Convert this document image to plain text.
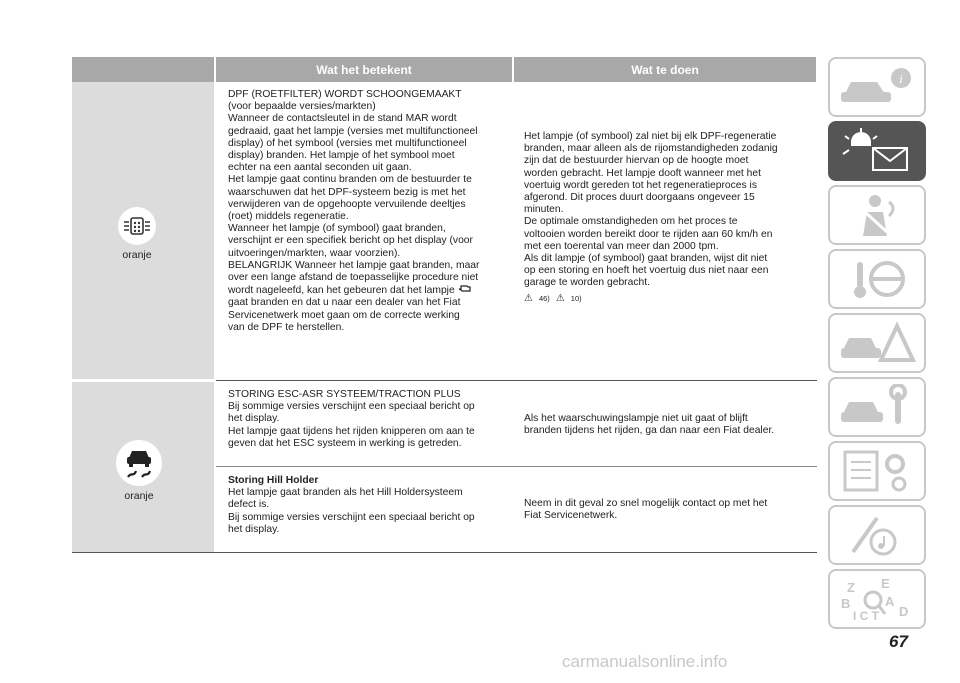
Wat het betekent	Wat te doen
oranje

DPF (ROETFILTER) WORDT SCHOONGEMAAKT

(voor bepaalde versies/markten)

Wanneer de contactsleutel in de stand MAR wordt

gedraaid, gaat het lampje (versies met multifunctioneel

display) of het symbool (versies met multifunctioneel

display) branden. Het lampje of het symbool moet

echter na een aantal seconden uit gaan.

Het lampje gaat continu branden om de bestuurder te

waarschuwen dat het DPF-systeem bezig is met het

verwijderen van de opgehoopte vervuilende deeltjes

(roet) middels regeneratie.

Wanneer het lampje (of symbool) gaat branden,

verschijnt er een specifiek bericht op het display (voor

uitvoeringen/markten, waar voorzien).

BELANGRIJK Wanneer het lampje gaat branden, maar

over een lange afstand de toepasselijke procedure niet

wordt nageleefd, kan het gebeuren dat het lampje

gaat branden en dat u naar een dealer van het Fiat

Servicenetwerk moet gaan om de correcte werking

van de DPF te herstellen.

Het lampje (of symbool) zal niet bij elk DPF-regeneratie

branden, maar alleen als de rijomstandigheden zodanig

zijn dat de bestuurder hiervan op de hoogte moet

worden gebracht. Het lampje dooft wanneer met het

voertuig wordt gereden tot het regeneratieproces is

afgerond. Dit proces duurt doorgaans ongeveer 15

minuten.

De optimale omstandigheden om het proces te

voltooien worden bereikt door te rijden aan 60 km/h en

met een toerental van meer dan 2000 tpm.

Als dit lampje (of symbool) gaat branden, wijst dit niet

op een storing en hoeft het voertuig dus niet naar een

garage te worden gebracht.

⚠ 46) ⚠ 10)
oranje

STORING ESC-ASR SYSTEEM/TRACTION PLUS

Bij sommige versies verschijnt een speciaal bericht op

het display.

Het lampje gaat tijdens het rijden knipperen om aan te

geven dat het ESC systeem in werking is getreden.

Als het waarschuwingslampje niet uit gaat of blijft

branden tijdens het rijden, ga dan naar een Fiat dealer.

Storing Hill Holder

Het lampje gaat branden als het Hill Holdersysteem

defect is.

Bij sommige versies verschijnt een speciaal bericht op

het display.

Neem in dit geval zo snel mogelijk contact op met het

Fiat Servicenetwerk.

i
Z E
B	A
D
I C T
67
carmanualsonline.info
